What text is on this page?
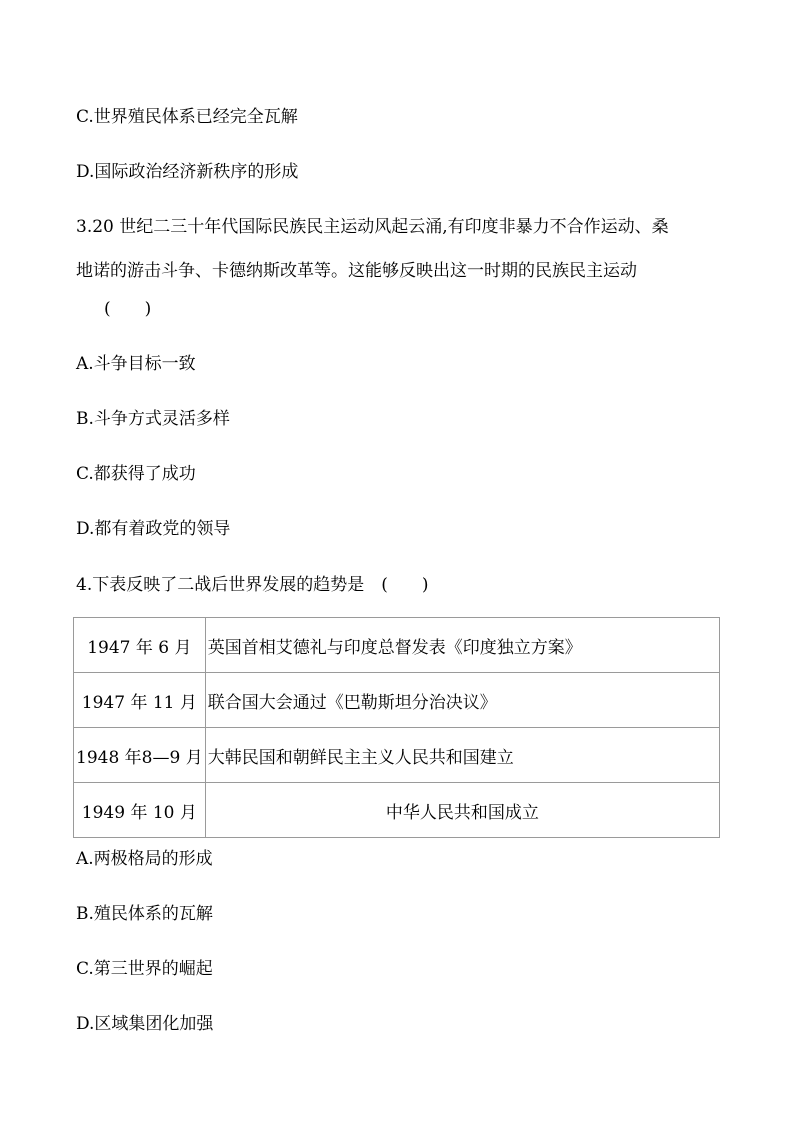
C.世界殖民体系已经完全瓦解
D.国际政治经济新秩序的形成
3.20 世纪二三十年代国际民族民主运动风起云涌,有印度非暴力不合作运动、桑
地诺的游击斗争、卡德纳斯改革等。这能够反映出这一时期的民族民主运动
(　　)
A.斗争目标一致
B.斗争方式灵活多样
C.都获得了成功
D.都有着政党的领导
4.下表反映了二战后世界发展的趋势是　(　　)
1947 年 6 月	英国首相艾德礼与印度总督发表《印度独立方案》
1947 年 11 月	联合国大会通过《巴勒斯坦分治决议》
1948 年8—9 月	大韩民国和朝鲜民主主义人民共和国建立
1949 年 10 月	中华人民共和国成立
A.两极格局的形成
B.殖民体系的瓦解
C.第三世界的崛起
D.区域集团化加强
